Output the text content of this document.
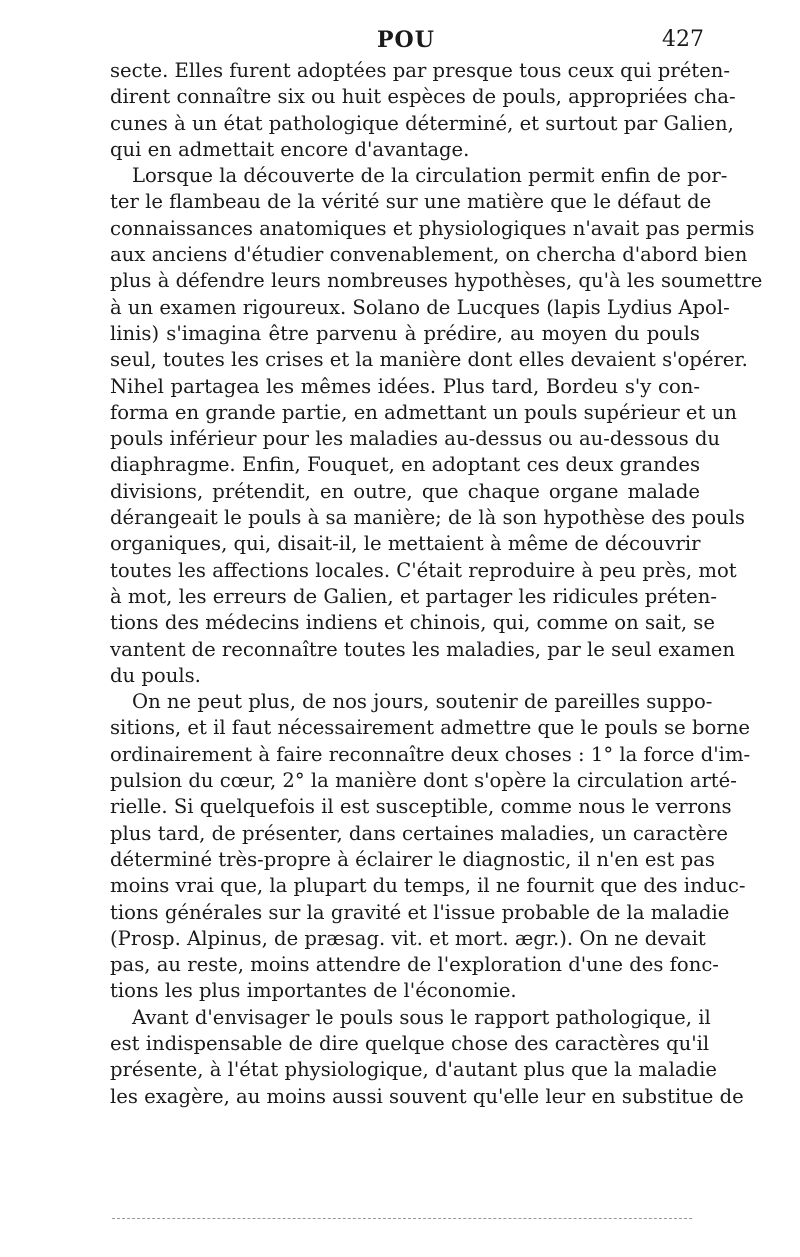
POU	427
secte. Elles furent adoptées par presque tous ceux qui préten-
dirent connaître six ou huit espèces de pouls, appropriées cha-
cunes à un état pathologique déterminé, et surtout par Galien,
qui en admettait encore d'avantage.
Lorsque la découverte de la circulation permit enfin de por-
ter le flambeau de la vérité sur une matière que le défaut de
connaissances anatomiques et physiologiques n'avait pas permis
aux anciens d'étudier convenablement, on chercha d'abord bien
plus à défendre leurs nombreuses hypothèses, qu'à les soumettre
à un examen rigoureux. Solano de Lucques (lapis Lydius Apol-
linis) s'imagina être parvenu à prédire, au moyen du pouls
seul, toutes les crises et la manière dont elles devaient s'opérer.
Nihel partagea les mêmes idées. Plus tard, Bordeu s'y con-
forma en grande partie, en admettant un pouls supérieur et un
pouls inférieur pour les maladies au-dessus ou au-dessous du
diaphragme. Enfin, Fouquet, en adoptant ces deux grandes
divisions, prétendit, en outre, que chaque organe malade
dérangeait le pouls à sa manière; de là son hypothèse des pouls
organiques, qui, disait-il, le mettaient à même de découvrir
toutes les affections locales. C'était reproduire à peu près, mot
à mot, les erreurs de Galien, et partager les ridicules préten-
tions des médecins indiens et chinois, qui, comme on sait, se
vantent de reconnaître toutes les maladies, par le seul examen
du pouls.
On ne peut plus, de nos jours, soutenir de pareilles suppo-
sitions, et il faut nécessairement admettre que le pouls se borne
ordinairement à faire reconnaître deux choses : 1° la force d'im-
pulsion du cœur, 2° la manière dont s'opère la circulation arté-
rielle. Si quelquefois il est susceptible, comme nous le verrons
plus tard, de présenter, dans certaines maladies, un caractère
déterminé très-propre à éclairer le diagnostic, il n'en est pas
moins vrai que, la plupart du temps, il ne fournit que des induc-
tions générales sur la gravité et l'issue probable de la maladie
(Prosp. Alpinus, de præsag. vit. et mort. ægr.). On ne devait
pas, au reste, moins attendre de l'exploration d'une des fonc-
tions les plus importantes de l'économie.
Avant d'envisager le pouls sous le rapport pathologique, il
est indispensable de dire quelque chose des caractères qu'il
présente, à l'état physiologique, d'autant plus que la maladie
les exagère, au moins aussi souvent qu'elle leur en substitue de
